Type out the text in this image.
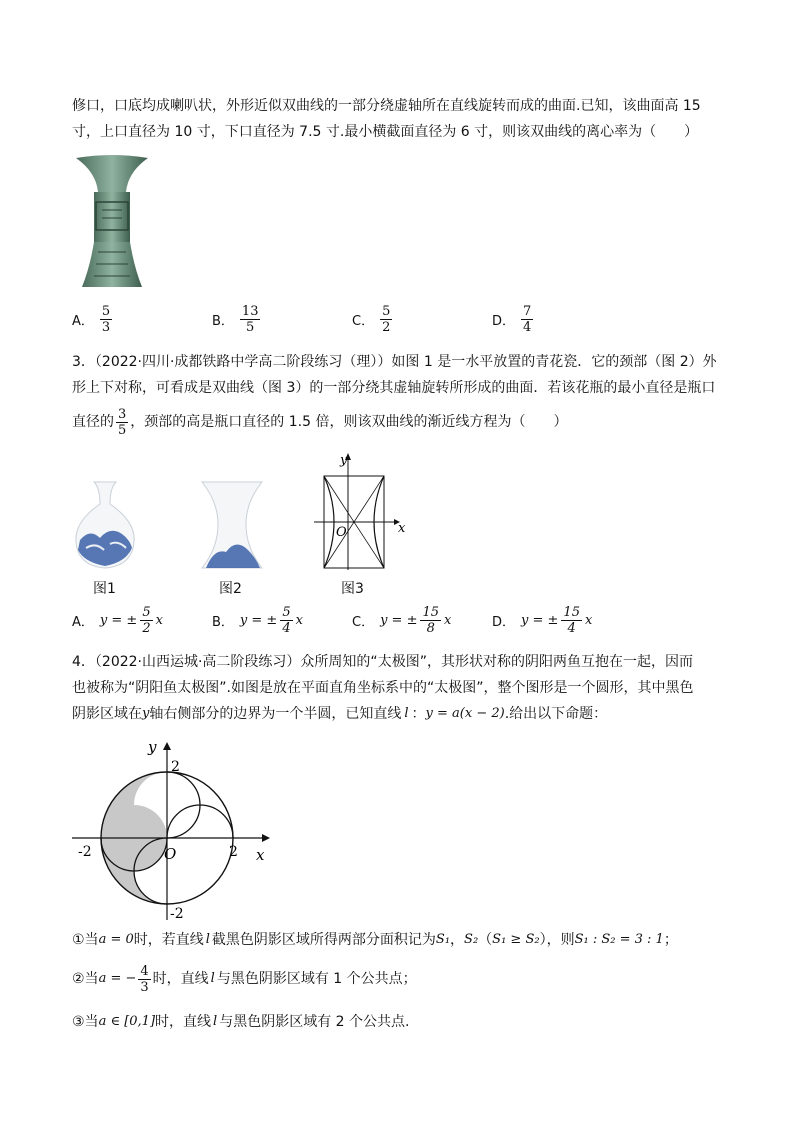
修口，口底均成喇叭状，外形近似双曲线的一部分绕虚轴所在直线旋转而成的曲面.已知，该曲面高 15
寸，上口直径为 10 寸，下口直径为 7.5 寸.最小横截面直径为 6 寸，则该双曲线的离心率为（　　）
A． $\frac{5}{3}$	B． $\frac{13}{5}$	C． $\frac{5}{2}$	D． $\frac{7}{4}$
3．（2022·四川·成都铁路中学高二阶段练习（理））如图 1 是一水平放置的青花瓷．它的颈部（图 2）外
形上下对称，可看成是双曲线（图 3）的一部分绕其虚轴旋转所形成的曲面．若该花瓶的最小直径是瓶口
直径的 $\frac{3}{5}$ ，颈部的高是瓶口直径的 1.5 倍，则该双曲线的渐近线方程为（　　）
图1	图2
y
x
O
图3
A． y = ± $\frac{5}{2}$ x	B． y = ± $\frac{5}{4}$ x	C． y = ± $\frac{15}{8}$ x	D． y = ± $\frac{15}{4}$ x
4．（2022·山西运城·高二阶段练习）众所周知的“太极图”，其形状对称的阴阳两鱼互抱在一起，因而
也被称为“阴阳鱼太极图”.如图是放在平面直角坐标系中的“太极图”，整个图形是一个圆形，其中黑色
阴影区域在 y 轴右侧部分的边界为一个半圆，已知直线 l ： y = a(x − 2) .给出以下命题：
y
x
O
2
-2
-2	2
①当 a = 0 时，若直线 l 截黑色阴影区域所得两部分面积记为 S₁ ， S₂ （ S₁ ≥ S₂ ），则 S₁ : S₂ = 3 : 1 ；
②当 a = − $\frac{4}{3}$ 时，直线 l 与黑色阴影区域有 1 个公共点；
③当 a ∈ [0,1] 时，直线 l 与黑色阴影区域有 2 个公共点.
